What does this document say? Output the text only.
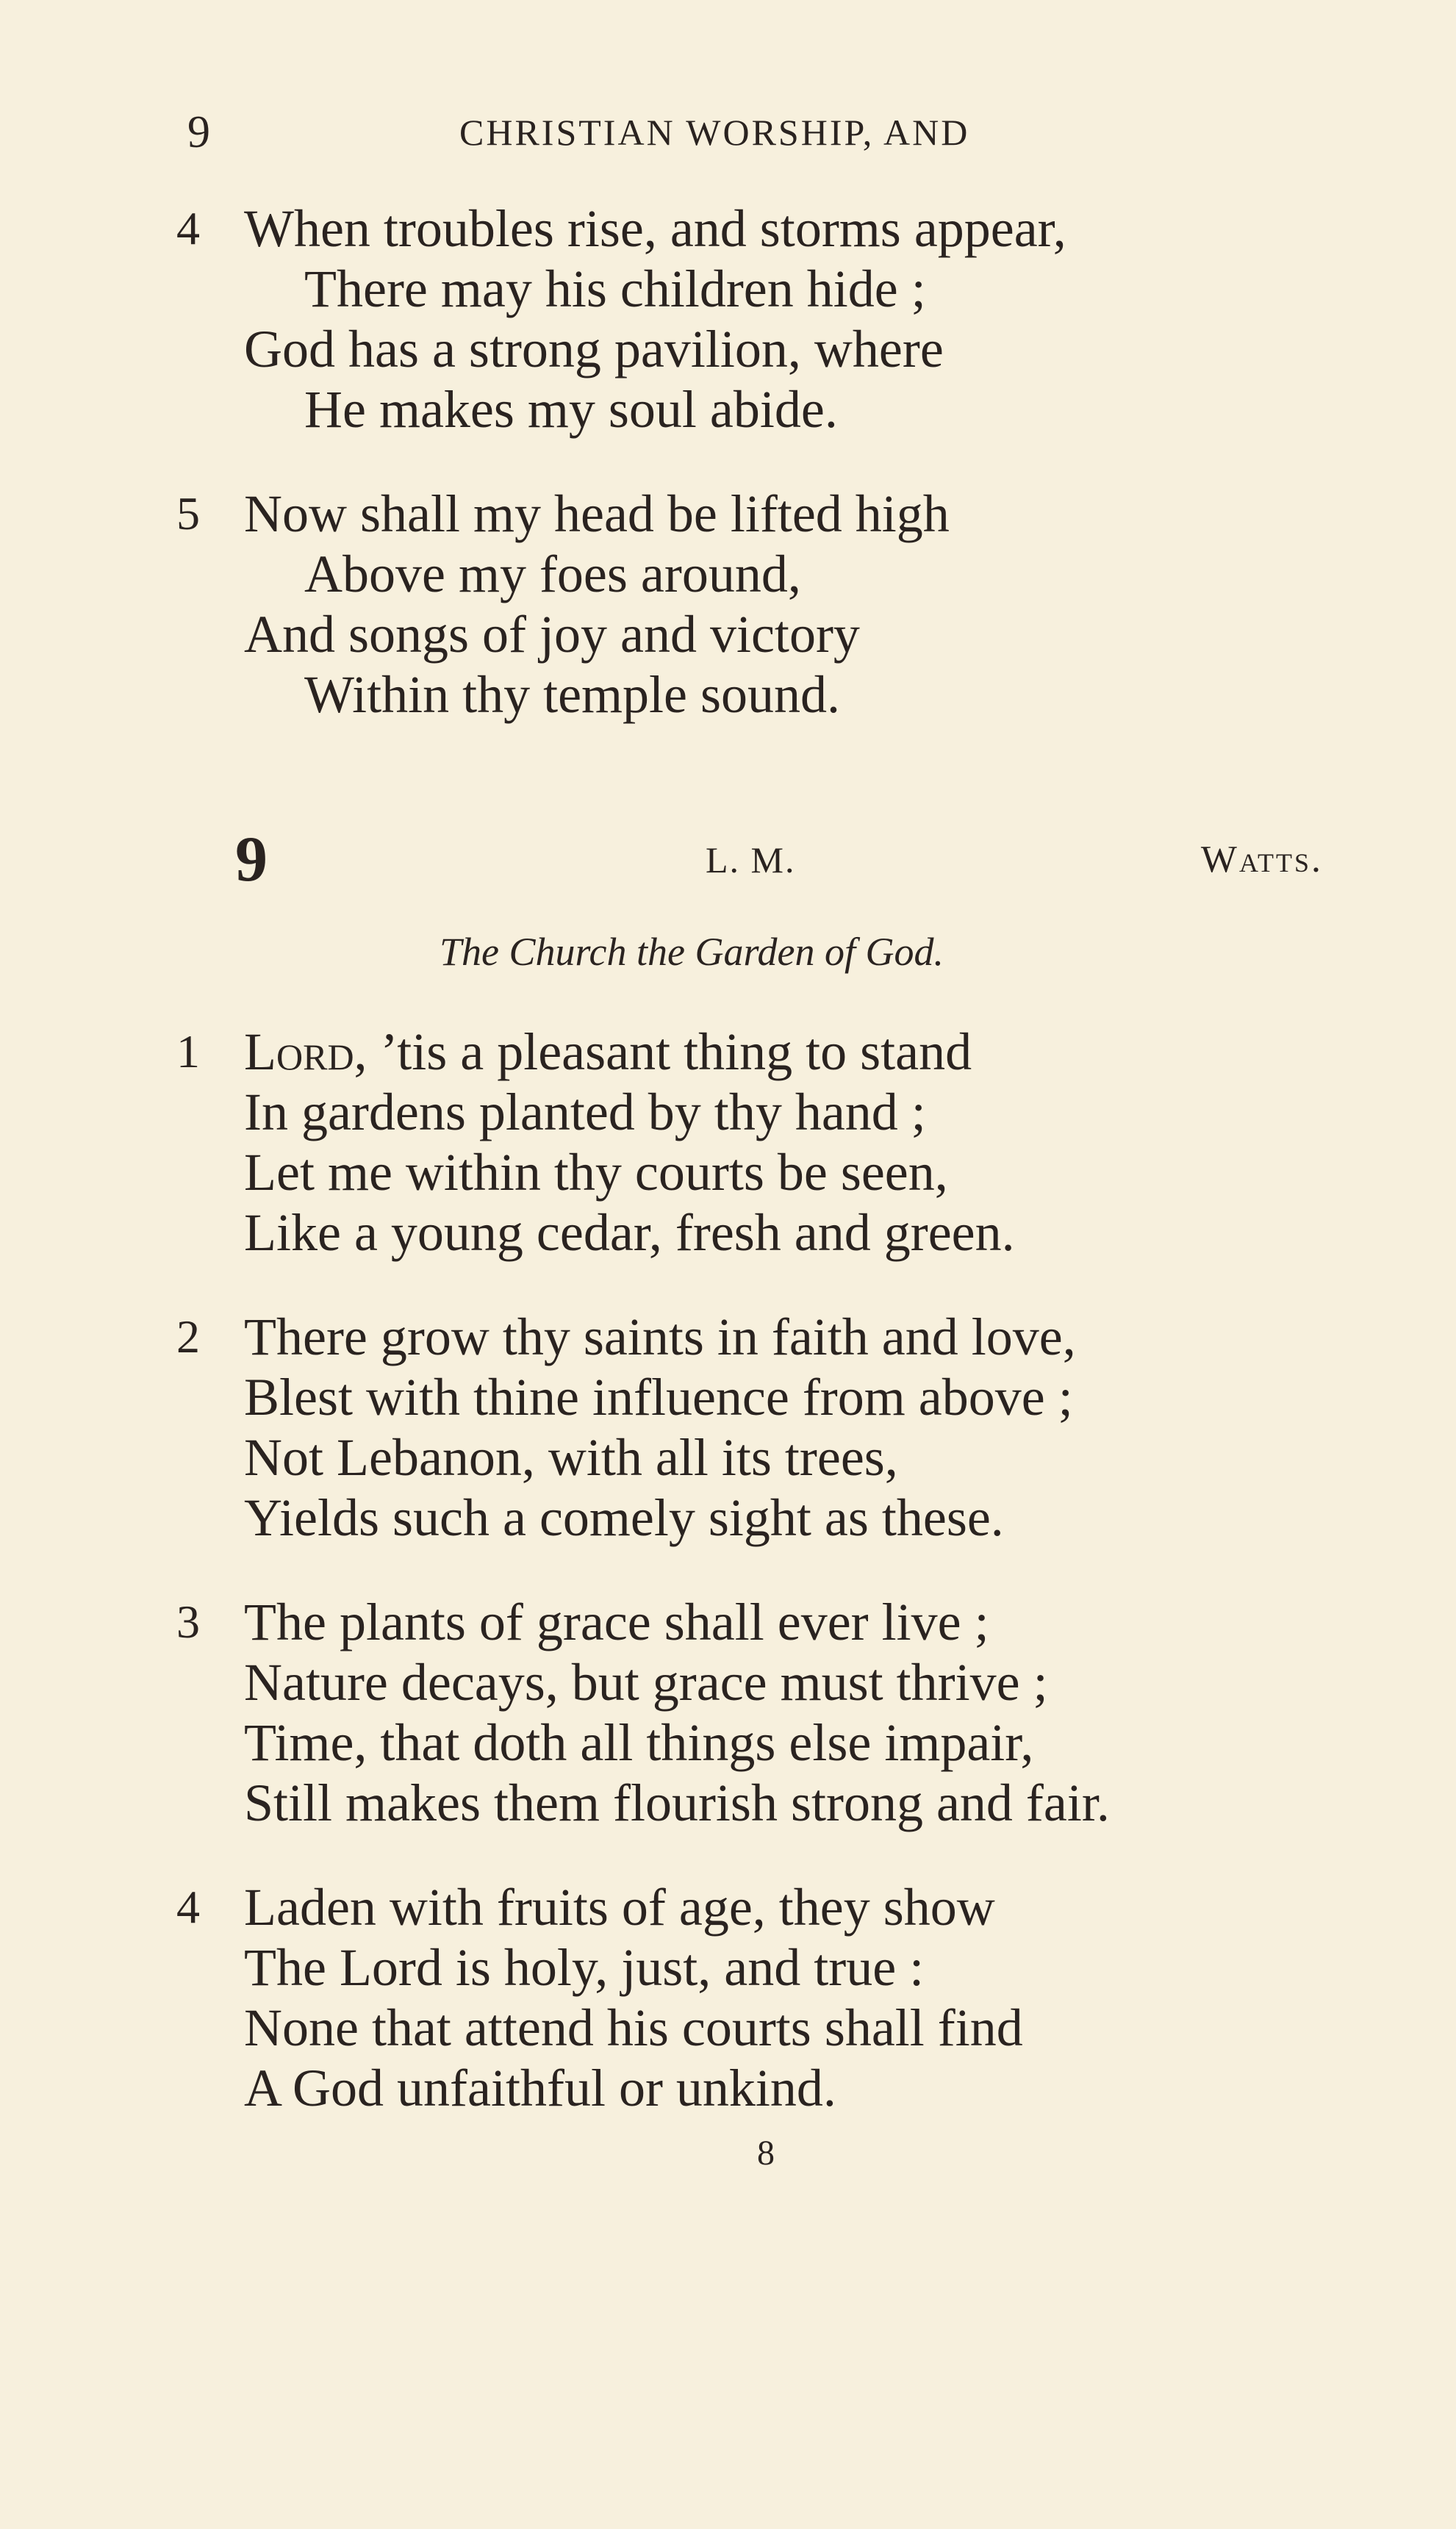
9	CHRISTIAN WORSHIP, AND
4 When troubles rise, and storms appear,
There may his children hide ;
God has a strong pavilion, where
He makes my soul abide.
5 Now shall my head be lifted high
Above my foes around,
And songs of joy and victory
Within thy temple sound.
9	L. M.	Watts.
The Church the Garden of God.
1 Lord, ’tis a pleasant thing to stand
In gardens planted by thy hand ;
Let me within thy courts be seen,
Like a young cedar, fresh and green.
2 There grow thy saints in faith and love,
Blest with thine influence from above ;
Not Lebanon, with all its trees,
Yields such a comely sight as these.
3 The plants of grace shall ever live ;
Nature decays, but grace must thrive ;
Time, that doth all things else impair,
Still makes them flourish strong and fair.
4 Laden with fruits of age, they show
The Lord is holy, just, and true :
None that attend his courts shall find
A God unfaithful or unkind.
8
